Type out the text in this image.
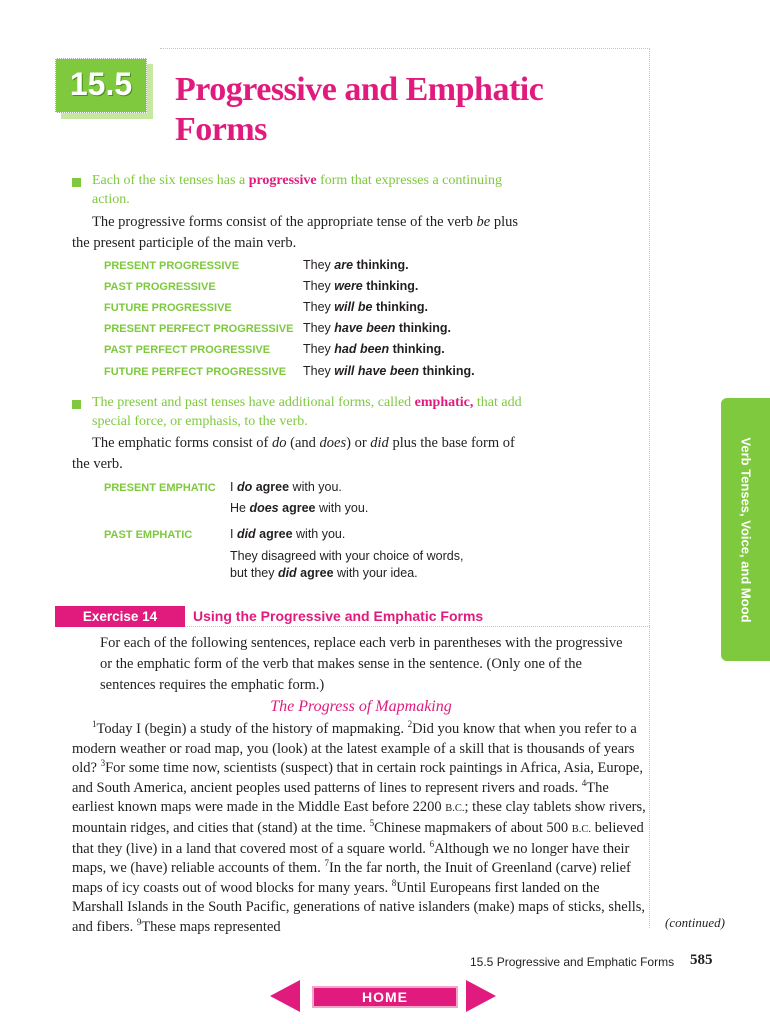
15.5	Progressive and Emphatic Forms
Each of the six tenses has a progressive form that expresses a continuing action.
The progressive forms consist of the appropriate tense of the verb be plus the present participle of the main verb.
PRESENT PROGRESSIVE	They are thinking.
PAST PROGRESSIVE	They were thinking.
FUTURE PROGRESSIVE	They will be thinking.
PRESENT PERFECT PROGRESSIVE They have been thinking.
PAST PERFECT PROGRESSIVE	They had been thinking.
FUTURE PERFECT PROGRESSIVE They will have been thinking.
The present and past tenses have additional forms, called emphatic, that add special force, or emphasis, to the verb.
The emphatic forms consist of do (and does) or did plus the base form of the verb.
PRESENT EMPHATIC I do agree with you.
He does agree with you.
PAST EMPHATIC	I did agree with you.
They disagreed with your choice of words,
but they did agree with your idea.	Verb Tenses, Voice, and Mood
Exercise 14	Using the Progressive and Emphatic Forms
For each of the following sentences, replace each verb in parentheses with the progressive or the emphatic form of the verb that makes sense in the sentence. (Only one of the sentences requires the emphatic form.)
The Progress of Mapmaking
$^1$Today I (begin) a study of the history of mapmaking. $^2$Did you know that when you refer to a modern weather or road map, you (look) at the latest example of a skill that is thousands of years old? $^3$For some time now, scientists (suspect) that in certain rock paintings in Africa, Asia, Europe, and South America, ancient peoples used patterns of lines to represent rivers and roads. $^4$The earliest known maps were made in the Middle East before 2200 B.C.; these clay tablets show rivers, mountain ridges, and cities that (stand) at the time. $^5$Chinese mapmakers of about 500 B.C. believed that they (live) in a land that covered most of a square world. $^6$Although we no longer have their maps, we (have) reliable accounts of them. $^7$In the far north, the Inuit of Greenland (carve) relief maps of icy coasts out of wood blocks for many years. $^8$Until Europeans first landed on the Marshall Islands in the South Pacific, generations of native islanders (make) maps of sticks, shells, and fibers. $^9$These maps represented	(continued)
15.5 Progressive and Emphatic Forms 585
HOME
